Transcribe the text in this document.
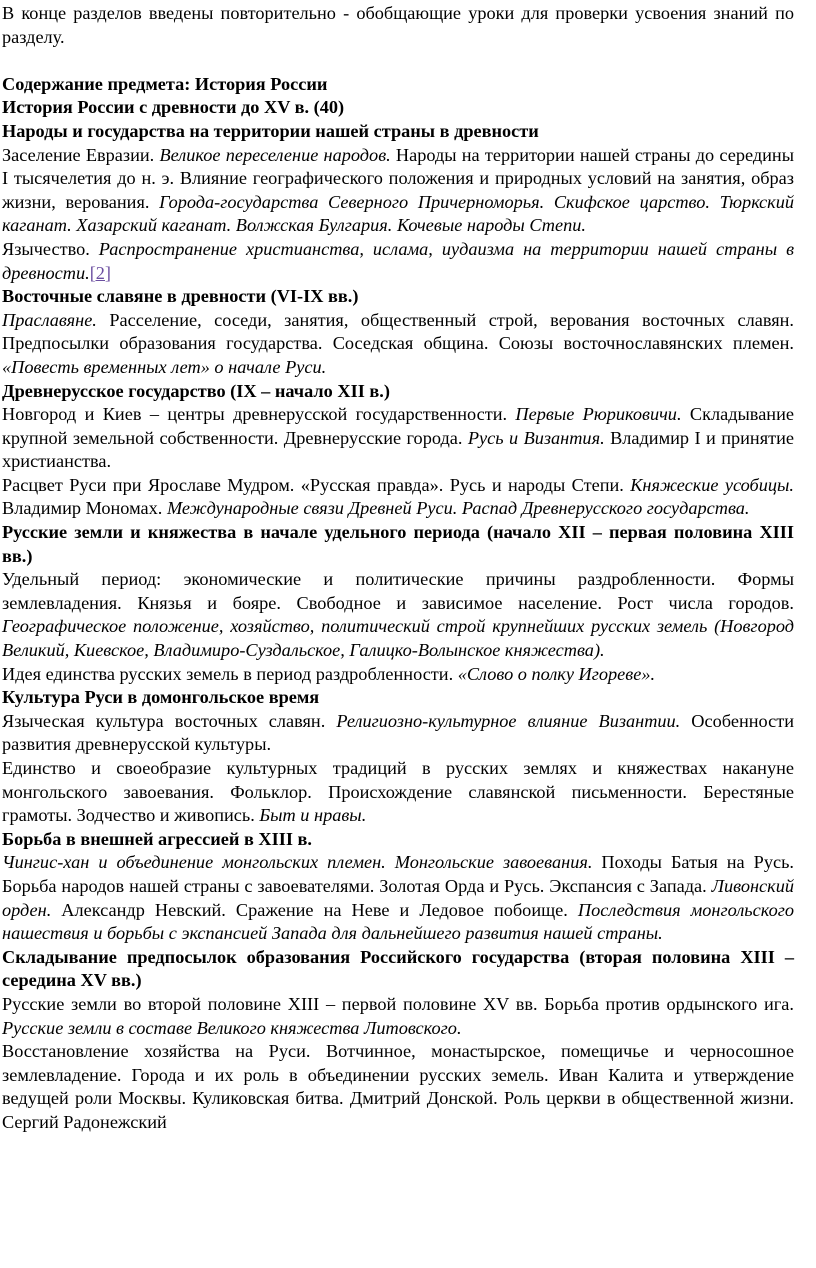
В конце разделов введены повторительно - обобщающие уроки для проверки усвоения знаний по разделу.

Содержание предмета: История России

История России с древности до XV в. (40)

Народы и государства на территории нашей страны в древности

Заселение Евразии. Великое переселение народов. Народы на территории нашей страны до середины I тысячелетия до н. э. Влияние географического положения и природных условий на занятия, образ жизни, верования. Города-государства Северного Причерноморья. Скифское царство. Тюркский каганат. Хазарский каганат. Волжская Булгария. Кочевые народы Степи.

Язычество. Распространение христианства, ислама, иудаизма на территории нашей страны в древности.[2]

Восточные славяне в древности (VI-IX вв.)

Праславяне. Расселение, соседи, занятия, общественный строй, верования восточных славян. Предпосылки образования государства. Соседская община. Союзы восточнославянских племен. «Повесть временных лет» о начале Руси.

Древнерусское государство (IX – начало XII в.)

Новгород и Киев – центры древнерусской государственности. Первые Рюриковичи. Складывание крупной земельной собственности. Древнерусские города. Русь и Византия. Владимир I и принятие христианства.

Расцвет Руси при Ярославе Мудром. «Русская правда». Русь и народы Степи. Княжеские усобицы. Владимир Мономах. Международные связи Древней Руси. Распад Древнерусского государства.

Русские земли и княжества в начале удельного периода (начало XII – первая половина XIII вв.)

Удельный период: экономические и политические причины раздробленности. Формы землевладения. Князья и бояре. Свободное и зависимое население. Рост числа городов. Географическое положение, хозяйство, политический строй крупнейших русских земель (Новгород Великий, Киевское, Владимиро-Суздальское, Галицко-Волынское княжества).

Идея единства русских земель в период раздробленности. «Слово о полку Игореве».

Культура Руси в домонгольское время

Языческая культура восточных славян. Религиозно-культурное влияние Византии. Особенности развития древнерусской культуры.

Единство и своеобразие культурных традиций в русских землях и княжествах накануне монгольского завоевания. Фольклор. Происхождение славянской письменности. Берестяные грамоты. Зодчество и живопись. Быт и нравы.

Борьба в внешней агрессией в XIII в.

Чингис-хан и объединение монгольских племен. Монгольские завоевания. Походы Батыя на Русь. Борьба народов нашей страны с завоевателями. Золотая Орда и Русь. Экспансия с Запада. Ливонский орден. Александр Невский. Сражение на Неве и Ледовое побоище. Последствия монгольского нашествия и борьбы с экспансией Запада для дальнейшего развития нашей страны.

Складывание предпосылок образования Российского государства (вторая половина XIII – середина XV вв.)

Русские земли во второй половине XIII – первой половине XV вв. Борьба против ордынского ига. Русские земли в составе Великого княжества Литовского.

Восстановление хозяйства на Руси. Вотчинное, монастырское, помещичье и черносошное землевладение. Города и их роль в объединении русских земель. Иван Калита и утверждение ведущей роли Москвы. Куликовская битва. Дмитрий Донской. Роль церкви в общественной жизни. Сергий Радонежский
